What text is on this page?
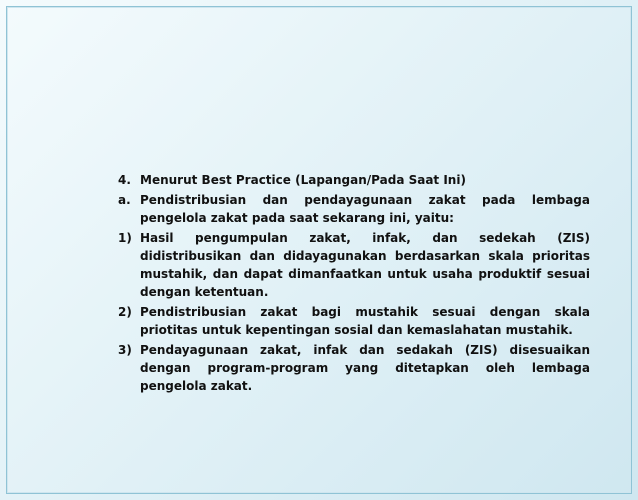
4. Menurut Best Practice (Lapangan/Pada Saat Ini)
a. Pendistribusian dan pendayagunaan zakat pada lembaga pengelola zakat pada saat sekarang ini, yaitu:
1) Hasil pengumpulan zakat, infak, dan sedekah (ZIS) didistribusikan dan didayagunakan berdasarkan skala prioritas mustahik, dan dapat dimanfaatkan untuk usaha produktif sesuai dengan ketentuan.
2) Pendistribusian zakat bagi mustahik sesuai dengan skala priotitas untuk kepentingan sosial dan kemaslahatan mustahik.
3) Pendayagunaan zakat, infak dan sedakah (ZIS) disesuaikan dengan program-program yang ditetapkan oleh lembaga pengelola zakat.
